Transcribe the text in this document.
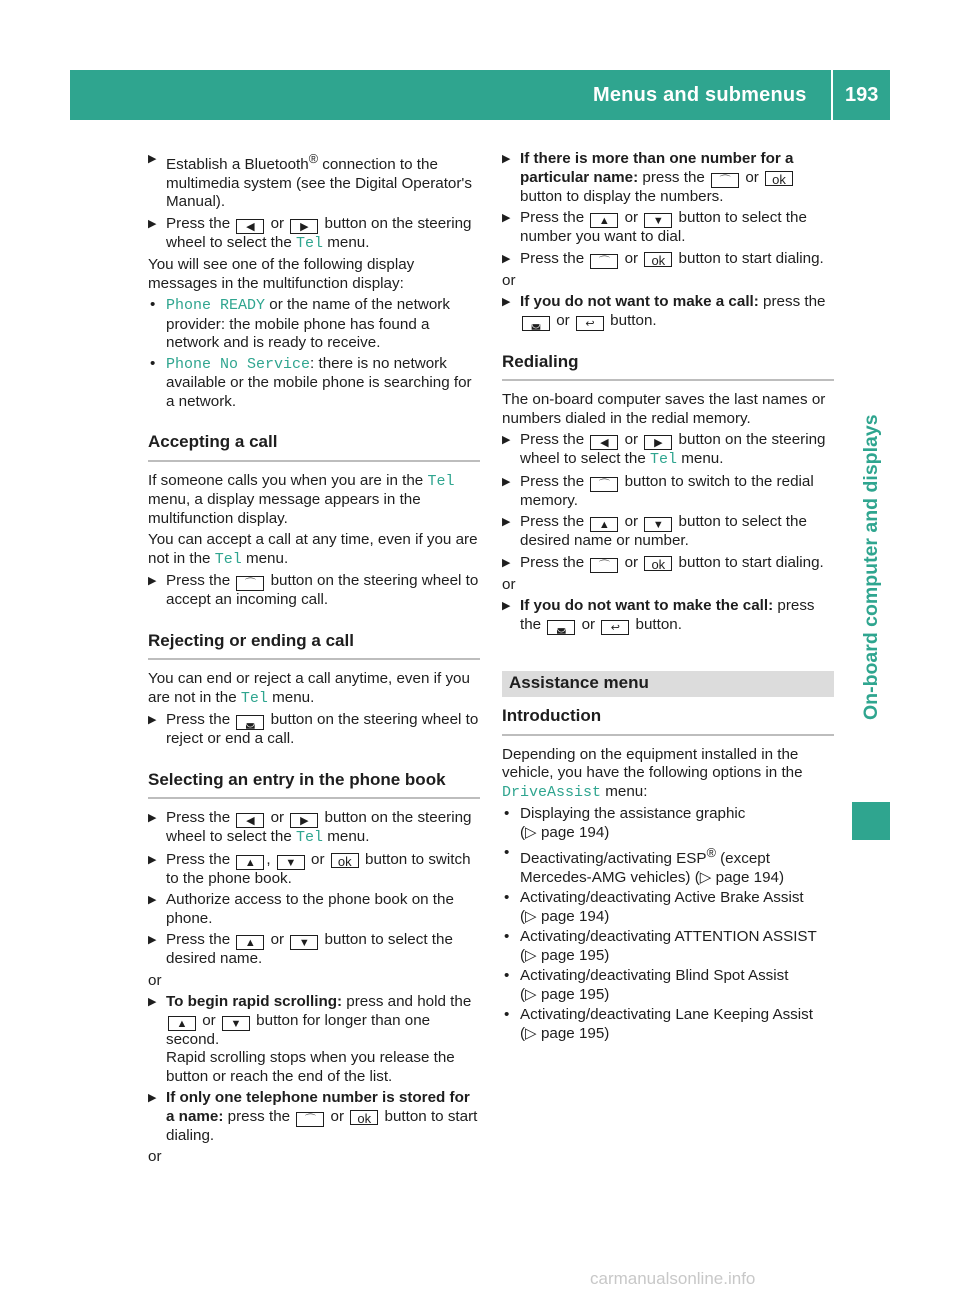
Menus and submenus 193
On-board computer and displays
▶ Establish a Bluetooth® connection to the multimedia system (see the Digital Operator's Manual).
▶ Press the ◀ or ▶ button on the steering wheel to select the Tel menu.
You will see one of the following display messages in the multifunction display:
• Phone READY or the name of the network provider: the mobile phone has found a network and is ready to receive.
• Phone No Service: there is no network available or the mobile phone is searching for a network.
Accepting a call
If someone calls you when you are in the Tel menu, a display message appears in the multifunction display.
You can accept a call at any time, even if you are not in the Tel menu.
▶ Press the ⌒ button on the steering wheel to accept an incoming call.
Rejecting or ending a call
You can end or reject a call anytime, even if you are not in the Tel menu.
▶ Press the ◛ button on the steering wheel to reject or end a call.
Selecting an entry in the phone book
▶ Press the ◀ or ▶ button on the steering wheel to select the Tel menu.
▶ Press the ▲ , ▼ or ok button to switch to the phone book.
▶ Authorize access to the phone book on the phone.
▶ Press the ▲ or ▼ button to select the desired name.
or
▶ To begin rapid scrolling: press and hold the ▲ or ▼ button for longer than one second.
Rapid scrolling stops when you release the button or reach the end of the list.
▶ If only one telephone number is stored for a name: press the ⌒ or ok button to start dialing.
or
▶ If there is more than one number for a particular name: press the ⌒ or ok button to display the numbers.
▶ Press the ▲ or ▼ button to select the number you want to dial.
▶ Press the ⌒ or ok button to start dialing.
or
▶ If you do not want to make a call: press the ◛ or ↩ button.
Redialing
The on-board computer saves the last names or numbers dialed in the redial memory.
▶ Press the ◀ or ▶ button on the steering wheel to select the Tel menu.
▶ Press the ⌒ button to switch to the redial memory.
▶ Press the ▲ or ▼ button to select the desired name or number.
▶ Press the ⌒ or ok button to start dialing.
or
▶ If you do not want to make the call: press the ◛ or ↩ button.
Assistance menu
Introduction
Depending on the equipment installed in the vehicle, you have the following options in the DriveAssist menu:
• Displaying the assistance graphic
(▷ page 194)
• Deactivating/activating ESP® (except Mercedes-AMG vehicles) (▷ page 194)
• Activating/deactivating Active Brake Assist
(▷ page 194)
• Activating/deactivating ATTENTION ASSIST
(▷ page 195)
• Activating/deactivating Blind Spot Assist
(▷ page 195)
• Activating/deactivating Lane Keeping Assist
(▷ page 195)
carmanualsonline.info
